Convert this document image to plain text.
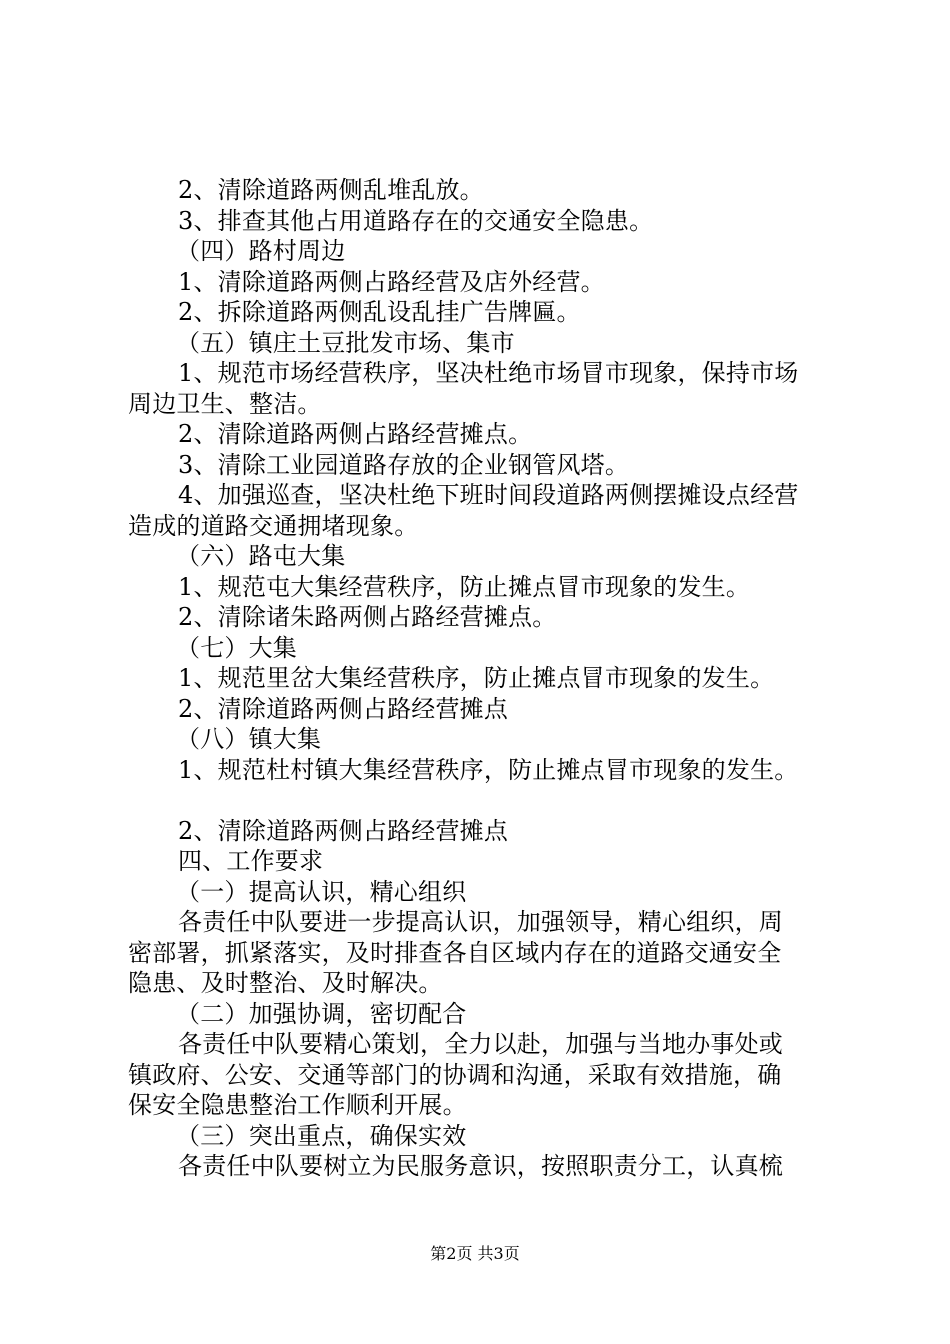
2、清除道路两侧乱堆乱放。
3、排查其他占用道路存在的交通安全隐患。
（四）路村周边
1、清除道路两侧占路经营及店外经营。
2、拆除道路两侧乱设乱挂广告牌匾。
（五）镇庄土豆批发市场、集市
1、规范市场经营秩序，坚决杜绝市场冒市现象，保持市场
周边卫生、整洁。
2、清除道路两侧占路经营摊点。
3、清除工业园道路存放的企业钢管风塔。
4、加强巡查，坚决杜绝下班时间段道路两侧摆摊设点经营
造成的道路交通拥堵现象。
（六）路屯大集
1、规范屯大集经营秩序，防止摊点冒市现象的发生。
2、清除诸朱路两侧占路经营摊点。
（七）大集
1、规范里岔大集经营秩序，防止摊点冒市现象的发生。
2、清除道路两侧占路经营摊点
（八）镇大集
1、规范杜村镇大集经营秩序，防止摊点冒市现象的发生。
2、清除道路两侧占路经营摊点
四、工作要求
（一）提高认识，精心组织
各责任中队要进一步提高认识，加强领导，精心组织，周
密部署，抓紧落实，及时排查各自区域内存在的道路交通安全
隐患、及时整治、及时解决。
（二）加强协调，密切配合
各责任中队要精心策划，全力以赴，加强与当地办事处或
镇政府、公安、交通等部门的协调和沟通，采取有效措施，确
保安全隐患整治工作顺利开展。
（三）突出重点，确保实效
各责任中队要树立为民服务意识，按照职责分工，认真梳
第2页 共3页
